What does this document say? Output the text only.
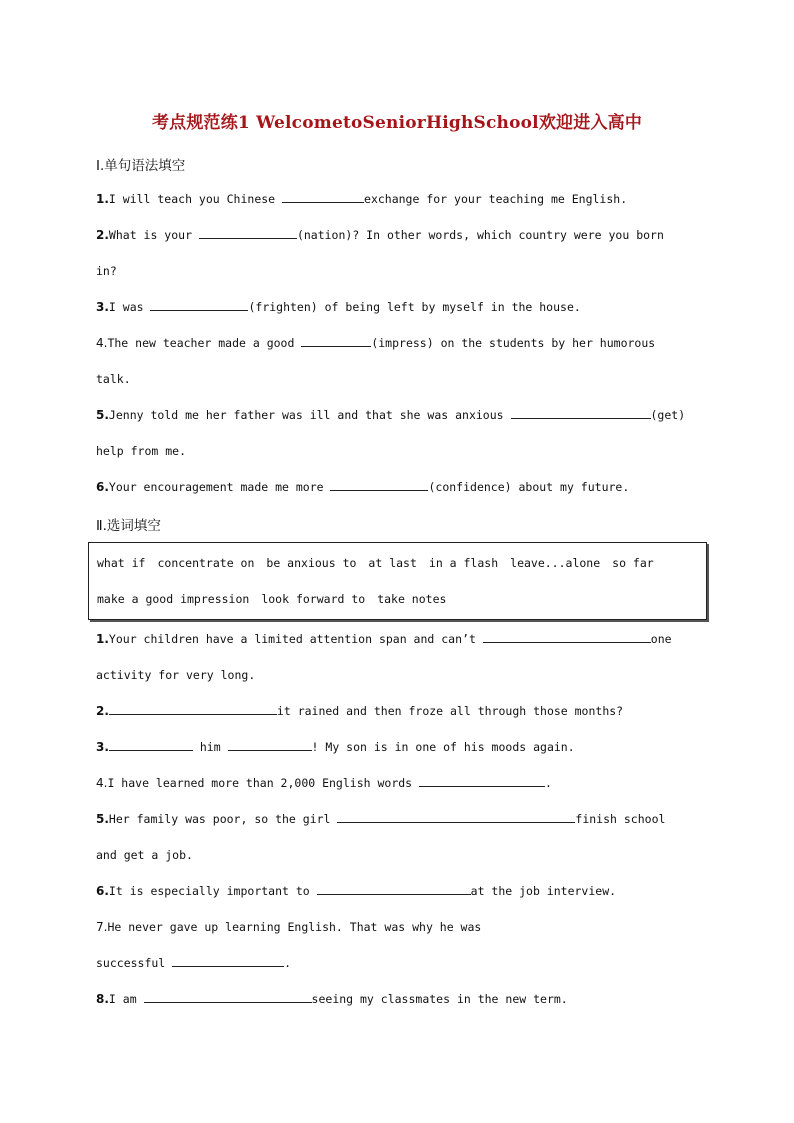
考点规范练1 WelcometoSeniorHighSchool欢迎进入高中
Ⅰ.单句语法填空
1.I will teach you Chinese	exchange for your teaching me English.
2.What is your	(nation)? In other words, which country were you born
in?
3.I was	(frighten) of being left by myself in the house.
4.The new teacher made a good	(impress) on the students by her humorous
talk.
5.Jenny told me her father was ill and that she was anxious	(get)
help from me.
6.Your encouragement made me more	(confidence) about my future.
Ⅱ.选词填空
what if concentrate on be anxious to at last in a flash leave...alone so far
make a good impression look forward to take notes
1.Your children have a limited attention span and can’t	one
activity for very long.
2.	it rained and then froze all through those months?
3.	him	! My son is in one of his moods again.
4.I have learned more than 2,000 English words	.
5.Her family was poor, so the girl	finish school
and get a job.
6.It is especially important to	at the job interview.
7.He never gave up learning English. That was why he was
successful	.
8.I am	seeing my classmates in the new term.
